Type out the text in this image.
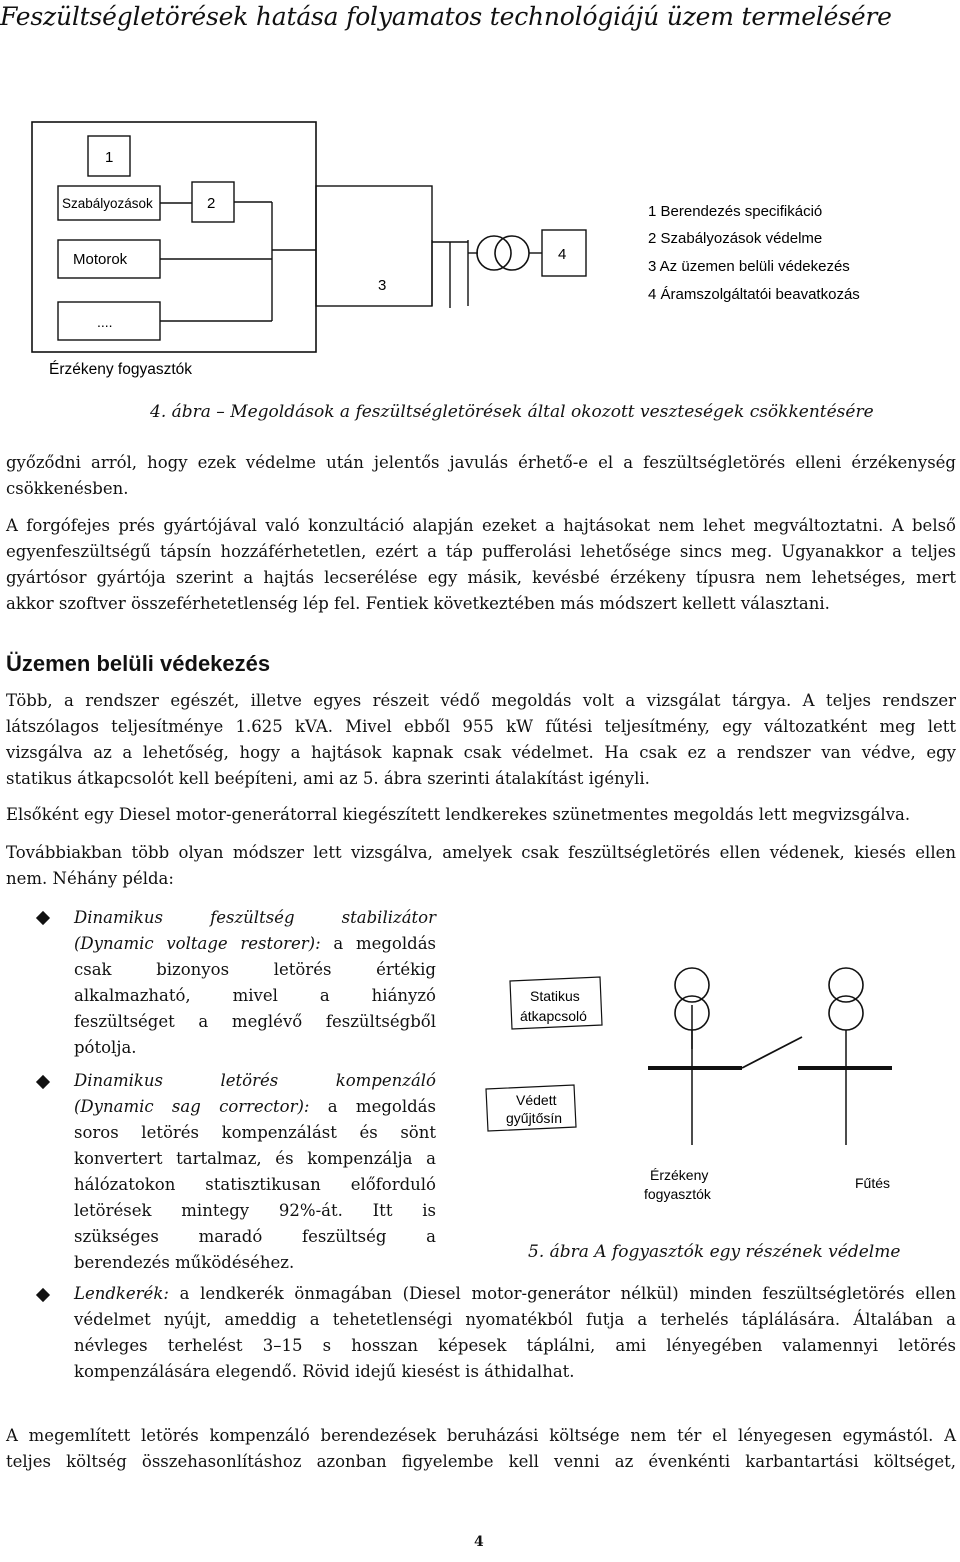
Feszültségletörések hatása folyamatos technológiájú üzem termelésére
1
Szabályozások	2
Motorok
....
3
4
1 Berendezés specifikáció
2 Szabályozások védelme
3 Az üzemen belüli védekezés
4 Áramszolgáltatói beavatkozás
Érzékeny fogyasztók
4. ábra – Megoldások a feszültségletörések által okozott veszteségek csökkentésére
győződni arról, hogy ezek védelme után jelentős javulás érhető-e el a feszültségletörés elleni érzékenység
csökkenésben.
A forgófejes prés gyártójával való konzultáció alapján ezeket a hajtásokat nem lehet megváltoztatni. A belső
egyenfeszültségű tápsín hozzáférhetetlen, ezért a táp pufferolási lehetősége sincs meg. Ugyanakkor a teljes
gyártósor gyártója szerint a hajtás lecserélése egy másik, kevésbé érzékeny típusra nem lehetséges, mert
akkor szoftver összeférhetetlenség lép fel. Fentiek következtében más módszert kellett választani.
Üzemen belüli védekezés
Több, a rendszer egészét, illetve egyes részeit védő megoldás volt a vizsgálat tárgya. A teljes rendszer
látszólagos teljesítménye 1.625 kVA. Mivel ebből 955 kW fűtési teljesítmény, egy változatként meg lett
vizsgálva az a lehetőség, hogy a hajtások kapnak csak védelmet. Ha csak ez a rendszer van védve, egy
statikus átkapcsolót kell beépíteni, ami az 5. ábra szerinti átalakítást igényli.
Elsőként egy Diesel motor-generátorral kiegészített lendkerekes szünetmentes megoldás lett megvizsgálva.
Továbbiakban több olyan módszer lett vizsgálva, amelyek csak feszültségletörés ellen védenek, kiesés ellen
nem. Néhány példa:
Dinamikus feszültség stabilizátor
(Dynamic voltage restorer): a megoldás
csak bizonyos letörés értékig
alkalmazható, mivel a hiányzó
feszültséget a meglévő feszültségből
pótolja.
Dinamikus letörés kompenzáló
(Dynamic sag corrector): a megoldás
soros letörés kompenzálást és sönt
konvertert tartalmaz, és kompenzálja a
hálózatokon statisztikusan előforduló
letörések mintegy 92%-át. Itt is
szükséges maradó feszültség a
berendezés működéséhez.
Statikus
átkapcsoló
Védett
gyűjtősín
Érzékeny
fogyasztók
Fűtés
5. ábra A fogyasztók egy részének védelme
Lendkerék: a lendkerék önmagában (Diesel motor-generátor nélkül) minden feszültségletörés ellen
védelmet nyújt, ameddig a tehetetlenségi nyomatékból futja a terhelés táplálására. Általában a
névleges terhelést 3–15 s hosszan képesek táplálni, ami lényegében valamennyi letörés
kompenzálására elegendő. Rövid idejű kiesést is áthidalhat.
A megemlített letörés kompenzáló berendezések beruházási költsége nem tér el lényegesen egymástól. A
teljes költség összehasonlításhoz azonban figyelembe kell venni az évenkénti karbantartási költséget,
4
